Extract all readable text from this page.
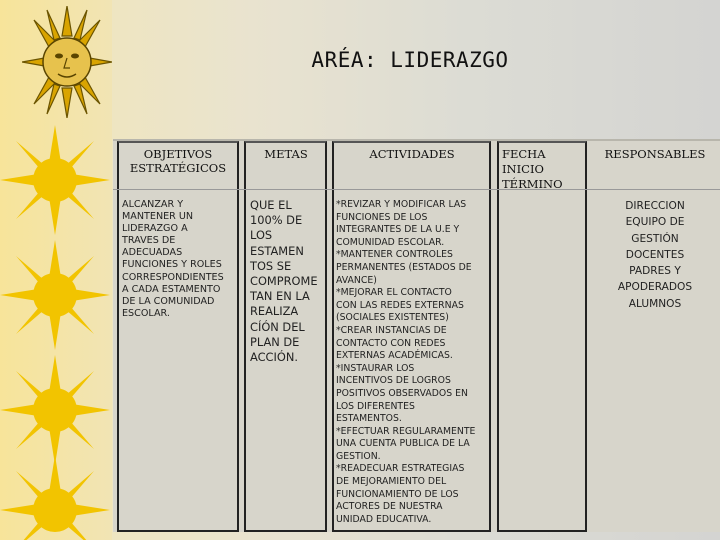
ARÉA: LIDERAZGO
OBJETIVOS
ESTRATÉGICOS
METAS	ACTIVIDADES	FECHA
INICIO
TÉRMINO
RESPONSABLES
ALCANZAR Y
MANTENER UN
LIDERAZGO A
TRAVES DE
ADECUADAS
FUNCIONES Y ROLES
CORRESPONDIENTES
A CADA ESTAMENTO
DE LA COMUNIDAD
ESCOLAR.
QUE EL
100% DE
LOS
ESTAMEN
TOS SE
COMPROME
TAN EN LA
REALIZA
CÍÓN DEL
PLAN DE
ACCIÓN.
*REVIZAR Y MODIFICAR LAS
FUNCIONES DE LOS
INTEGRANTES DE LA U.E Y
COMUNIDAD ESCOLAR.
*MANTENER CONTROLES
PERMANENTES (ESTADOS DE
AVANCE)
*MEJORAR EL CONTACTO
CON LAS REDES EXTERNAS
(SOCIALES EXISTENTES)
*CREAR INSTANCIAS DE
CONTACTO CON REDES
EXTERNAS ACADÉMICAS.
*INSTAURAR LOS
INCENTIVOS DE LOGROS
POSITIVOS OBSERVADOS EN
LOS DIFERENTES
ESTAMENTOS.
*EFECTUAR REGULARAMENTE
UNA CUENTA PUBLICA DE LA
GESTION.
*READECUAR ESTRATEGIAS
DE MEJORAMIENTO DEL
FUNCIONAMIENTO DE LOS
ACTORES DE NUESTRA
UNIDAD EDUCATIVA.
DIRECCION
EQUIPO DE
GESTIÓN
DOCENTES
PADRES Y
APODERADOS
ALUMNOS
